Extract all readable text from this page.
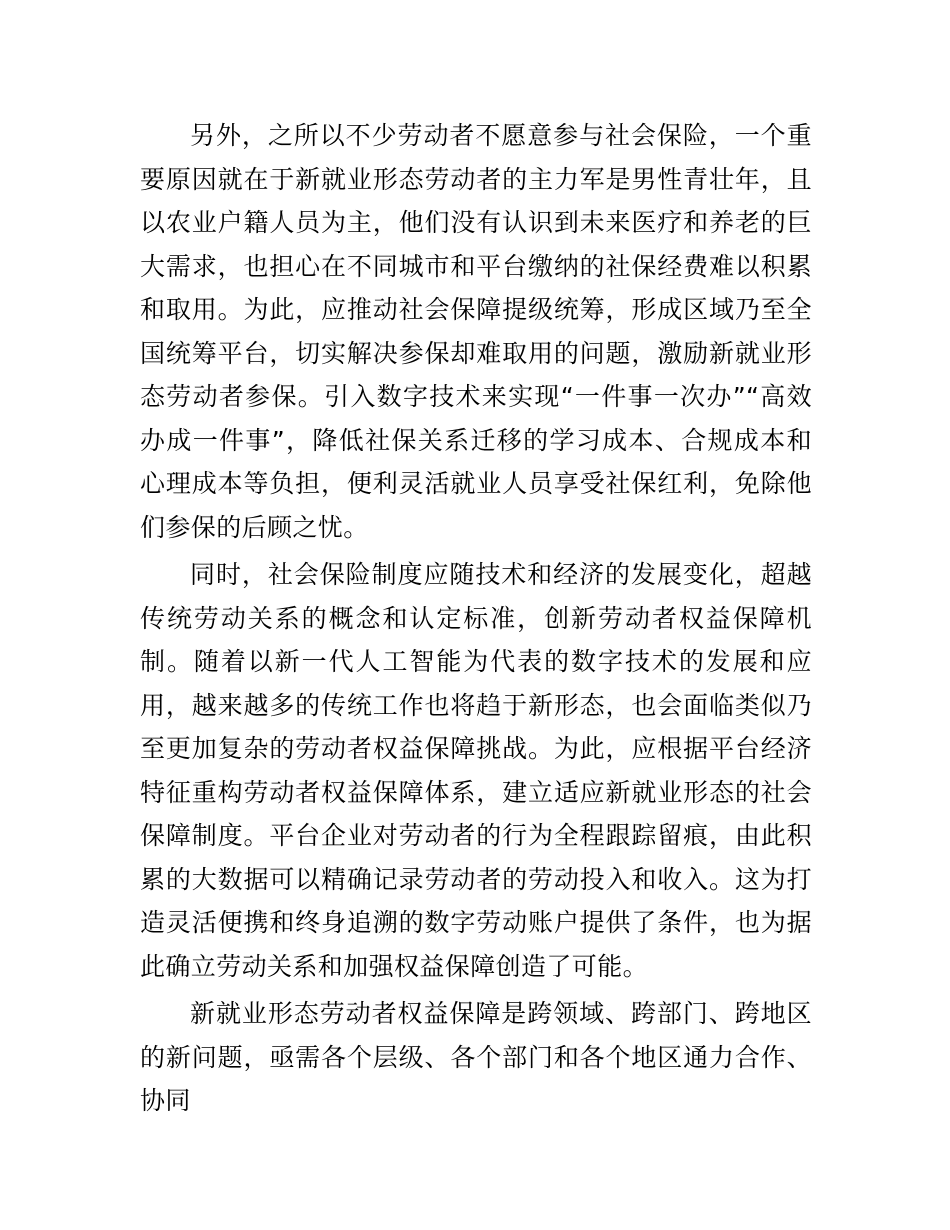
另外，之所以不少劳动者不愿意参与社会保险，一个重要原因就在于新就业形态劳动者的主力军是男性青壮年，且以农业户籍人员为主，他们没有认识到未来医疗和养老的巨大需求，也担心在不同城市和平台缴纳的社保经费难以积累和取用。为此，应推动社会保障提级统筹，形成区域乃至全国统筹平台，切实解决参保却难取用的问题，激励新就业形态劳动者参保。引入数字技术来实现“一件事一次办”“高效办成一件事”，降低社保关系迁移的学习成本、合规成本和心理成本等负担，便利灵活就业人员享受社保红利，免除他们参保的后顾之忧。

同时，社会保险制度应随技术和经济的发展变化，超越传统劳动关系的概念和认定标准，创新劳动者权益保障机制。随着以新一代人工智能为代表的数字技术的发展和应用，越来越多的传统工作也将趋于新形态，也会面临类似乃至更加复杂的劳动者权益保障挑战。为此，应根据平台经济特征重构劳动者权益保障体系，建立适应新就业形态的社会保障制度。平台企业对劳动者的行为全程跟踪留痕，由此积累的大数据可以精确记录劳动者的劳动投入和收入。这为打造灵活便携和终身追溯的数字劳动账户提供了条件，也为据此确立劳动关系和加强权益保障创造了可能。

新就业形态劳动者权益保障是跨领域、跨部门、跨地区的新问题，亟需各个层级、各个部门和各个地区通力合作、协同
